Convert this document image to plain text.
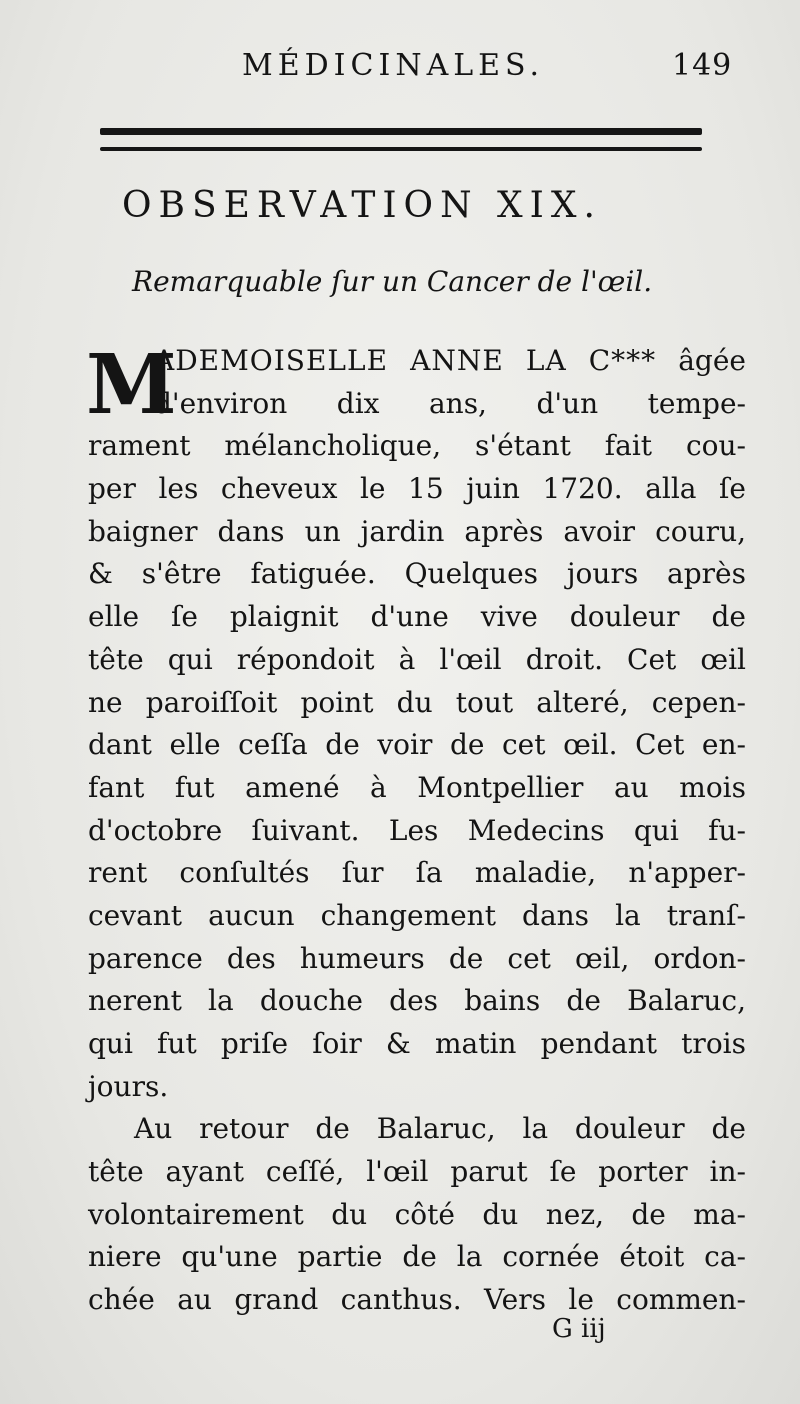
MÉDICINALES.	149
OBSERVATION XIX.
Remarquable ſur un Cancer de l'œil.
M
ADEMOISELLE ANNE LA C*** âgée
d'environ dix ans, d'un tempe-
rament mélancholique, s'étant fait cou-
per les cheveux le 15 juin 1720. alla ſe
baigner dans un jardin après avoir couru,
& s'être fatiguée. Quelques jours après
elle ſe plaignit d'une vive douleur de
tête qui répondoit à l'œil droit. Cet œil
ne paroiſſoit point du tout alteré, cepen-
dant elle ceſſa de voir de cet œil. Cet en-
fant fut amené à Montpellier au mois
d'octobre ſuivant. Les Medecins qui fu-
rent conſultés ſur ſa maladie, n'apper-
cevant aucun changement dans la tranſ-
parence des humeurs de cet œil, ordon-
nerent la douche des bains de Balaruc,
qui fut priſe ſoir & matin pendant trois
jours.
Au retour de Balaruc, la douleur de
tête ayant ceſſé, l'œil parut ſe porter in-
volontairement du côté du nez, de ma-
niere qu'une partie de la cornée étoit ca-
chée au grand canthus. Vers le commen-
G iij
